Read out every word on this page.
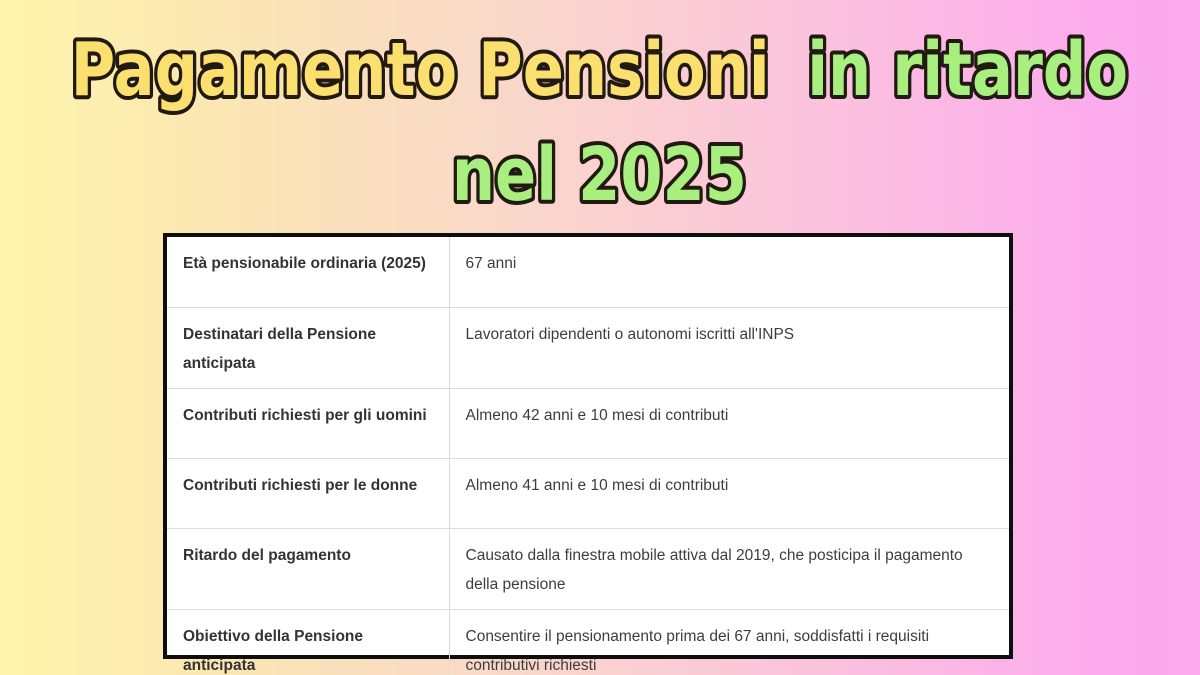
Pagamento Pensioni in ritardo
nel 2025
Età pensionabile ordinaria (2025)	67 anni
Destinatari della Pensione anticipata	Lavoratori dipendenti o autonomi iscritti all'INPS
Contributi richiesti per gli uomini	Almeno 42 anni e 10 mesi di contributi
Contributi richiesti per le donne	Almeno 41 anni e 10 mesi di contributi
Ritardo del pagamento	Causato dalla finestra mobile attiva dal 2019, che posticipa il pagamento della pensione
Obiettivo della Pensione anticipata	Consentire il pensionamento prima dei 67 anni, soddisfatti i requisiti contributivi richiesti
